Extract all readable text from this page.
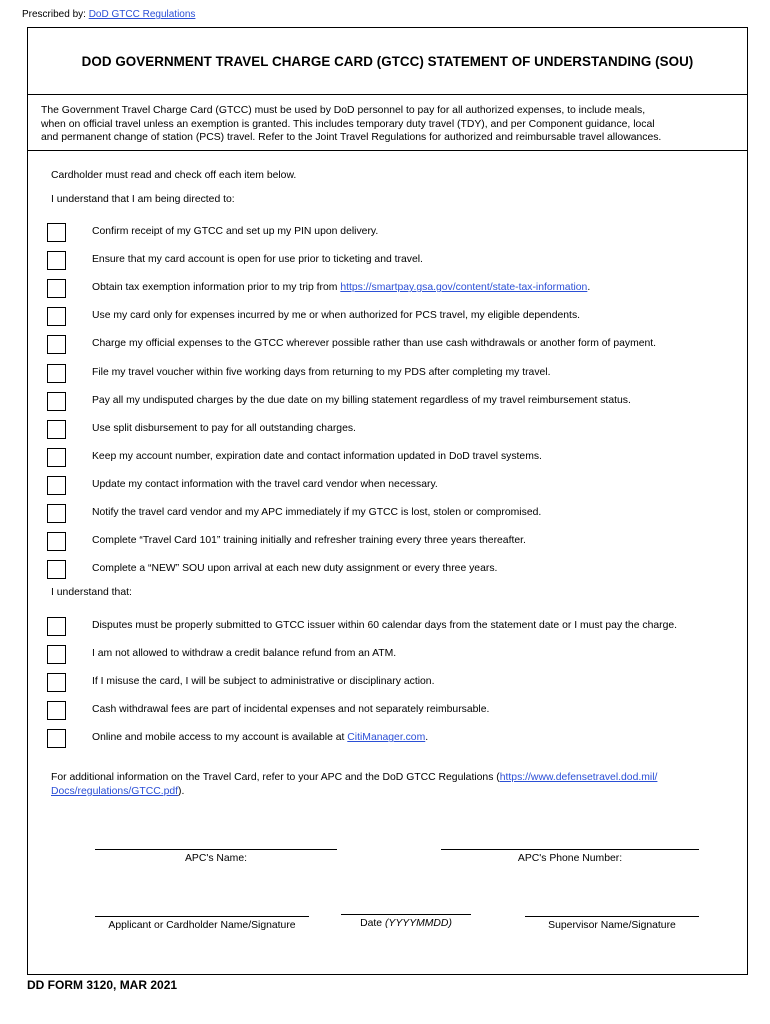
Prescribed by: DoD GTCC Regulations
DOD GOVERNMENT TRAVEL CHARGE CARD (GTCC) STATEMENT OF UNDERSTANDING (SOU)
The Government Travel Charge Card (GTCC) must be used by DoD personnel to pay for all authorized expenses, to include meals,
when on official travel unless an exemption is granted. This includes temporary duty travel (TDY), and per Component guidance, local
and permanent change of station (PCS) travel. Refer to the Joint Travel Regulations for authorized and reimbursable travel allowances.
Cardholder must read and check off each item below.
I understand that I am being directed to:
Confirm receipt of my GTCC and set up my PIN upon delivery.
Ensure that my card account is open for use prior to ticketing and travel.
Obtain tax exemption information prior to my trip from https://smartpay.gsa.gov/content/state-tax-information.
Use my card only for expenses incurred by me or when authorized for PCS travel, my eligible dependents.
Charge my official expenses to the GTCC wherever possible rather than use cash withdrawals or another form of payment.
File my travel voucher within five working days from returning to my PDS after completing my travel.
Pay all my undisputed charges by the due date on my billing statement regardless of my travel reimbursement status.
Use split disbursement to pay for all outstanding charges.
Keep my account number, expiration date and contact information updated in DoD travel systems.
Update my contact information with the travel card vendor when necessary.
Notify the travel card vendor and my APC immediately if my GTCC is lost, stolen or compromised.
Complete “Travel Card 101” training initially and refresher training every three years thereafter.
Complete a “NEW” SOU upon arrival at each new duty assignment or every three years.
I understand that:
Disputes must be properly submitted to GTCC issuer within 60 calendar days from the statement date or I must pay the charge.
I am not allowed to withdraw a credit balance refund from an ATM.
If I misuse the card, I will be subject to administrative or disciplinary action.
Cash withdrawal fees are part of incidental expenses and not separately reimbursable.
Online and mobile access to my account is available at CitiManager.com.
For additional information on the Travel Card, refer to your APC and the DoD GTCC Regulations (https://www.defensetravel.dod.mil/
Docs/regulations/GTCC.pdf).
APC's Name:	APC's Phone Number:
Applicant or Cardholder Name/Signature	Date (YYYYMMDD)	Supervisor Name/Signature
DD FORM 3120, MAR 2021
